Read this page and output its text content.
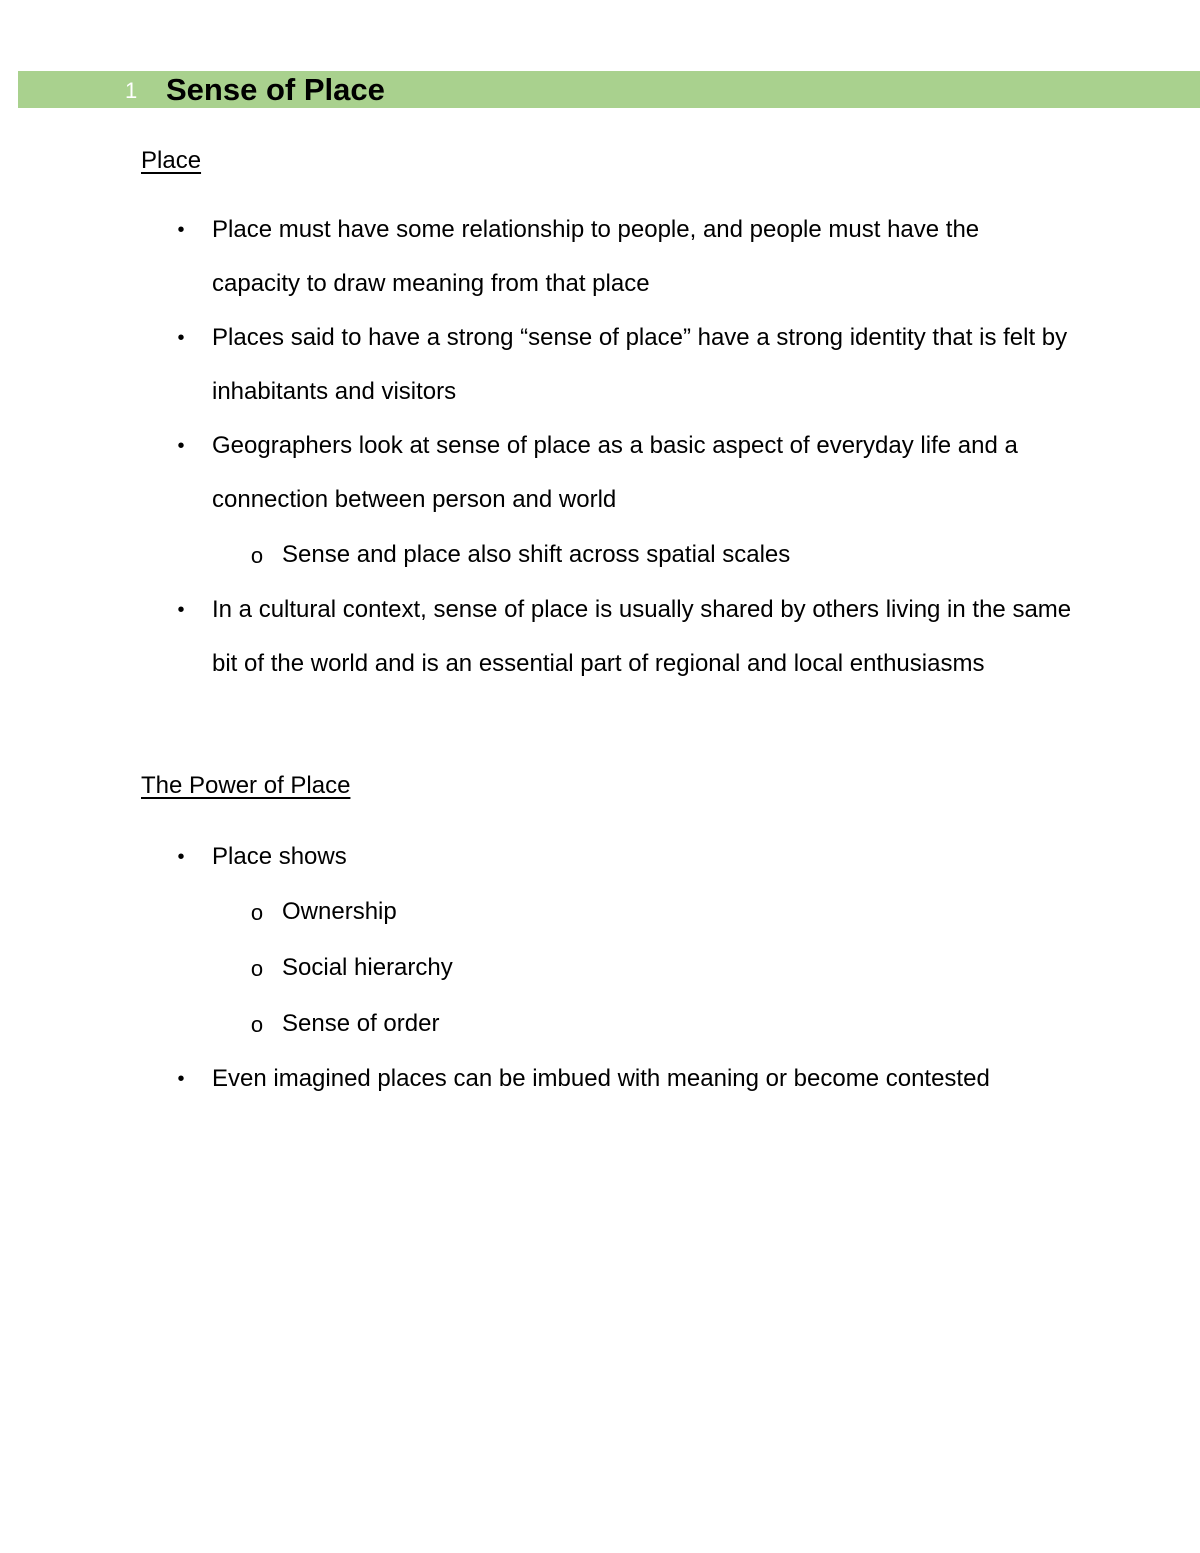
1 Sense of Place
Place
• Place must have some relationship to people, and people must have the capacity to draw meaning from that place
• Places said to have a strong “sense of place” have a strong identity that is felt by inhabitants and visitors
• Geographers look at sense of place as a basic aspect of everyday life and a connection between person and world
o Sense and place also shift across spatial scales
• In a cultural context, sense of place is usually shared by others living in the same bit of the world and is an essential part of regional and local enthusiasms
The Power of Place
• Place shows
o Ownership
o Social hierarchy
o Sense of order
• Even imagined places can be imbued with meaning or become contested
